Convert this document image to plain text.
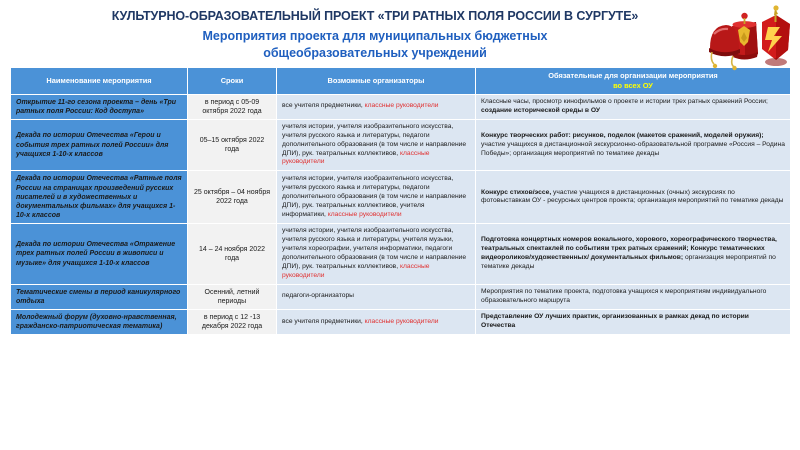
КУЛЬТУРНО-ОБРАЗОВАТЕЛЬНЫЙ ПРОЕКТ «ТРИ РАТНЫХ ПОЛЯ РОССИИ В СУРГУТЕ»
Мероприятия проекта для муниципальных бюджетных
общеобразовательных учреждений
Наименование мероприятия	Сроки	Возможные организаторы	Обязательные для организации мероприятия
во всех ОУ

Открытие 11-го сезона проекта – день «Три ратных поля России: Код доступа»	в период с 05-09 октября 2022 года	все учителя предметники, классные руководители	Классные часы, просмотр кинофильмов о проекте и истории трех ратных сражений России; создание исторической среды в ОУ
Декада по истории Отечества «Герои и события трех ратных полей России» для учащихся 1-10-х классов	05–15 октября 2022 года	учителя истории, учителя изобразительного искусства, учителя русского языка и литературы, педагоги дополнительного образования (в том числе и направление ДПИ), рук. театральных коллективов, классные руководители	Конкурс творческих работ: рисунков, поделок (макетов сражений, моделей оружия); участие учащихся в дистанционной экскурсионно-образовательной программе «Россия – Родина Победы»; организация мероприятий по тематике декады
Декада по истории Отечества «Ратные поля России на страницах произведений русских писателей и в художественных и документальных фильмах» для учащихся 1-10-х классов	25 октября – 04 ноября 2022 года	учителя истории, учителя изобразительного искусства, учителя русского языка и литературы, педагоги дополнительного образования (в том числе и направление ДПИ), рук. театральных коллективов, учителя информатики, классные руководители	Конкурс стихов/эссе, участие учащихся в дистанционных (очных) экскурсиях по фотовыставкам ОУ - ресурсных центров проекта; организация мероприятий по тематике декады
Декада по истории Отечества «Отражение трех ратных полей России в живописи и музыке» для учащихся 1-10-х классов	14 – 24 ноября 2022 года	учителя истории, учителя изобразительного искусства, учителя русского языка и литературы, учителя музыки, учителя хореографии, учителя информатики, педагоги дополнительного образования (в том числе и направление ДПИ), рук. театральных коллективов, классные руководители	Подготовка концертных номеров вокального, хорового, хореографического творчества, театральных спектаклей по событиям трех ратных сражений; Конкурс тематических видеороликов/художественных/ документальных фильмов; организация мероприятий по тематике декады
Тематические смены в период каникулярного отдыха	Осенний, летний периоды	педагоги-организаторы	Мероприятия по тематике проекта, подготовка учащихся к мероприятиям индивидуального образовательного маршрута
Молодежный форум (духовно-нравственная, гражданско-патриотическая тематика)	в период с 12 -13 декабря 2022 года	все учителя предметники, классные руководители	Представление ОУ лучших практик, организованных в рамках декад по истории Отечества
